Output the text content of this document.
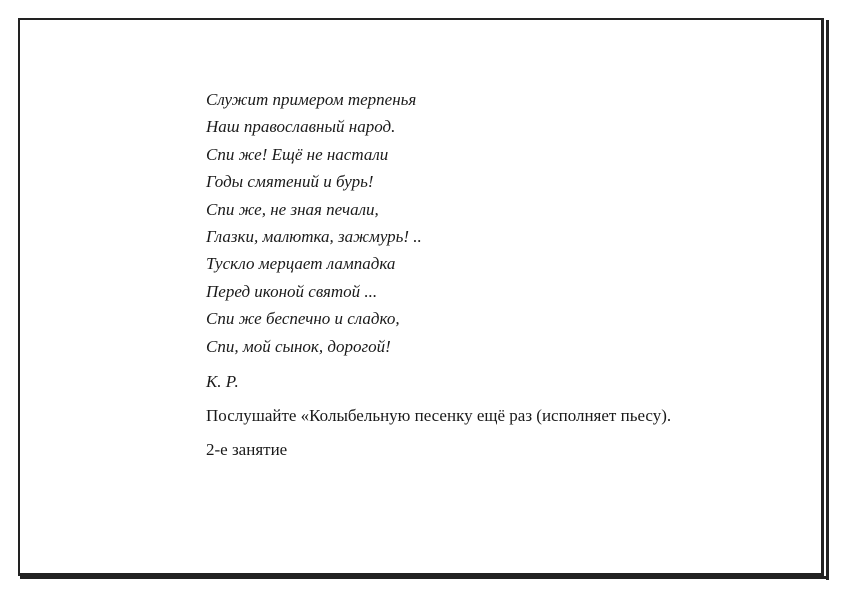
Служит примером терпенья
Наш православный народ.
Спи же! Ещё не настали
Годы смятений и бурь!
Спи же, не зная печали,
Глазки, малютка, зажмурь! ..
Тускло мерцает лампадка
Перед иконой святой ...
Спи же беспечно и сладко,
Спи, мой сынок, дорогой!
К. Р.
Послушайте «Колыбельную песенку ещё раз (исполняет пьесу).
2-е занятие
